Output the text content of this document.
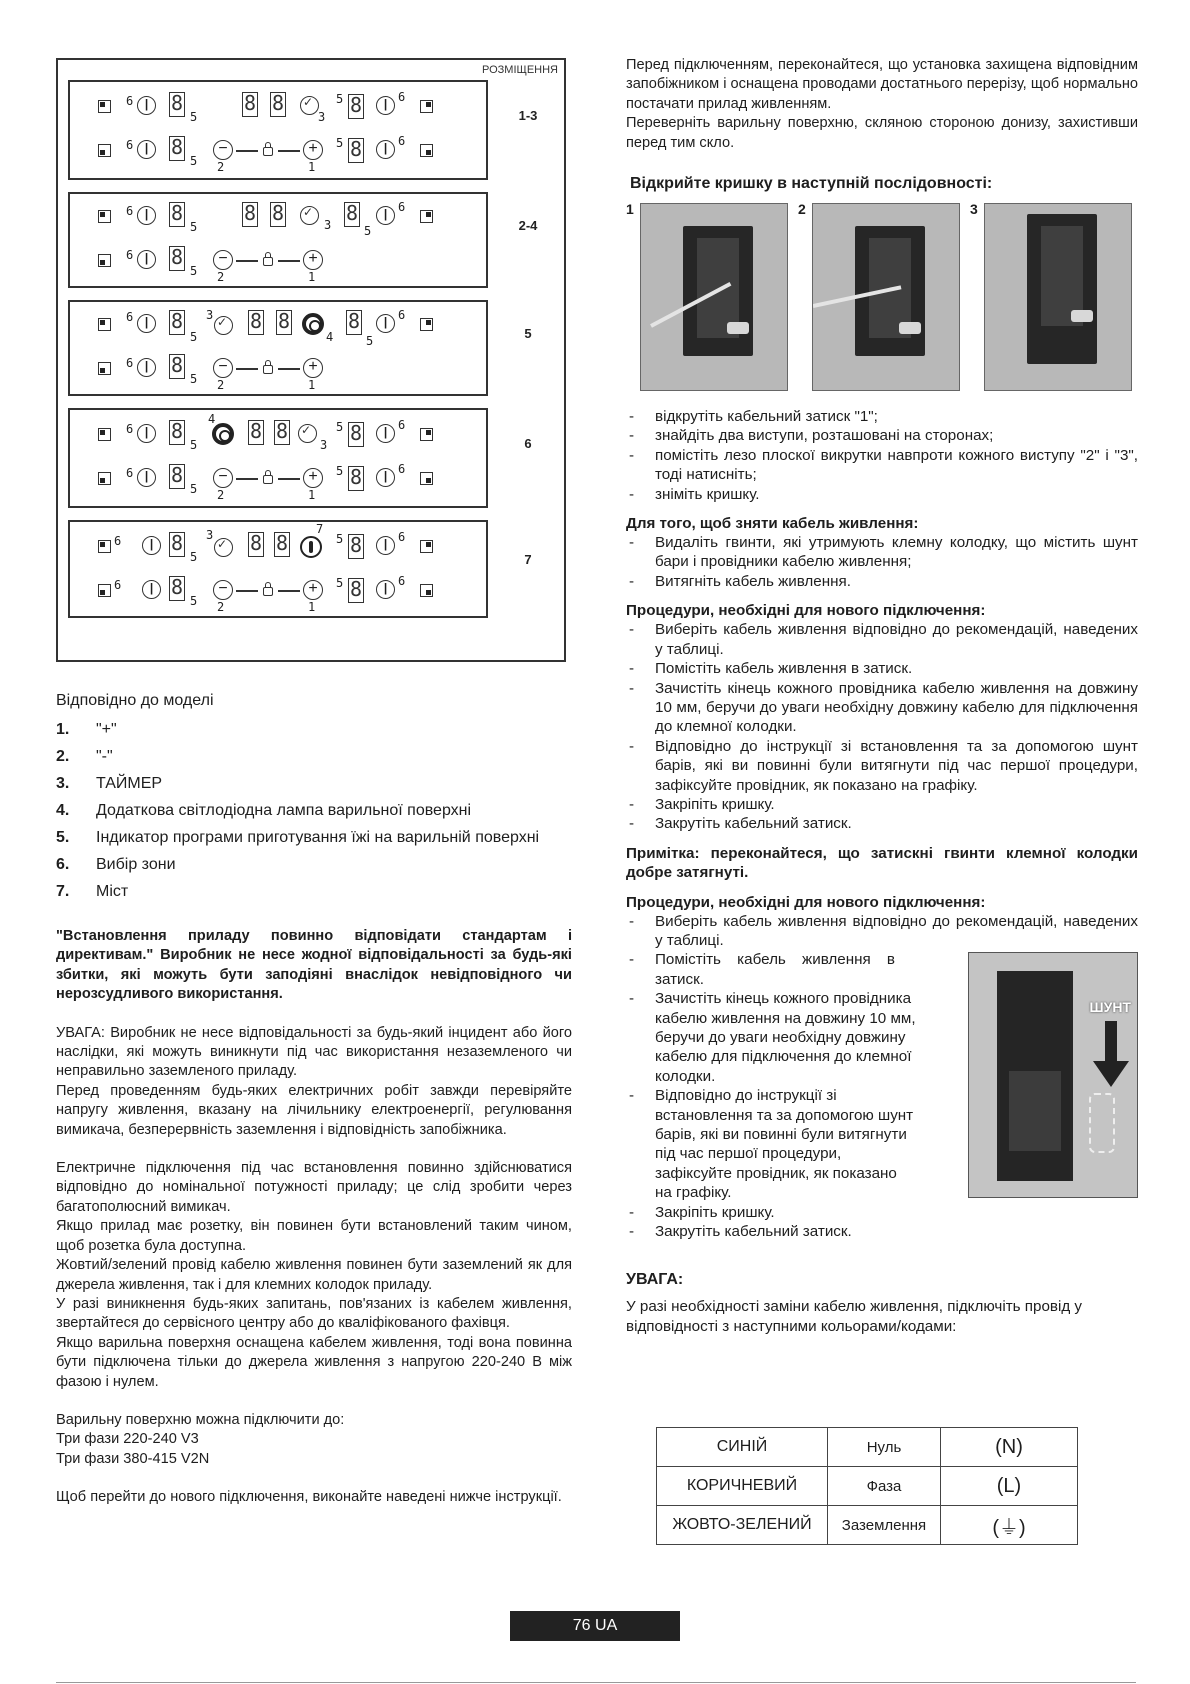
РОЗМІЩЕННЯ
6 |	8
5
8 8
✓
3
5 8	| 6
6 |	8
5
−
2
+
1
5 8	| 6
1-3
6 |	8
5
8 8 ✓	3 8
5
| 6
6 |	8
5
−
2
+
1
2-4
6 |	8
5
3 ✓ 8 8
4
8
5
| 6
6 |	8
5
−
2
+
1
5
6 |	8
5
4 8 8
✓
3
5 8	| 6
6 |	8
5
−
2
+
1
5 8	| 6
6
6	| 8
5
3 ✓ 8 8
7
5 8	| 6
6	| 8
5
−
2
+
1
5 8	| 6
7
Відповідно до моделі
1. "+"
2. "-"
3. ТАЙМЕР
4. Додаткова світлодіодна лампа варильної поверхні
5. Індикатор програми приготування їжі на варильній поверхні
6. Вибір зони
7. Міст

"Встановлення приладу повинно відповідати стандартам і директивам." Виробник не несе жодної відповідальності за будь-які збитки, які можуть бути заподіяні внаслідок невідповідного чи нерозсудливого використання.

УВАГА: Виробник не несе відповідальності за будь-який інцидент або його наслідки, які можуть виникнути під час використання незаземленого чи неправильно заземленого приладу.

Перед проведенням будь-яких електричних робіт завжди перевіряйте напругу живлення, вказану на лічильнику електроенергії, регулювання вимикача, безперервність заземлення і відповідність запобіжника.

Електричне підключення під час встановлення повинно здійснюватися відповідно до номінальної потужності приладу; це слід зробити через багатополюсний вимикач.

Якщо прилад має розетку, він повинен бути встановлений таким чином, щоб розетка була доступна.

Жовтий/зелений провід кабелю живлення повинен бути заземлений як для джерела живлення, так і для клемних колодок приладу.

У разі виникнення будь-яких запитань, пов'язаних із кабелем живлення, звертайтеся до сервісного центру або до кваліфікованого фахівця.

Якщо варильна поверхня оснащена кабелем живлення, тоді вона повинна бути підключена тільки до джерела живлення з напругою 220-240 В між фазою і нулем.

Варильну поверхню можна підключити до:

Три фази 220-240 V3

Три фази 380-415 V2N

Щоб перейти до нового підключення, виконайте наведені нижче інструкції.

Перед підключенням, переконайтеся, що установка захищена відповідним запобіжником і оснащена проводами достатнього перерізу, щоб нормально постачати прилад живленням.

Переверніть варильну поверхню, скляною стороною донизу, захистивши перед тим скло.

Відкрийте кришку в наступній послідовності:
1	2	3
- відкрутіть кабельний затиск "1";
- знайдіть два виступи, розташовані на сторонах;
- помістіть лезо плоскої викрутки навпроти кожного виступу "2" і "3", тоді натисніть;
- зніміть кришку.
Для того, щоб зняти кабель живлення:
- Видаліть гвинти, які утримують клемну колодку, що містить шунт бари і провідники кабелю живлення;
- Витягніть кабель живлення.
Процедури, необхідні для нового підключення:
- Виберіть кабель живлення відповідно до рекомендацій, наведених у таблиці.
- Помістіть кабель живлення в затиск.
- Зачистіть кінець кожного провідника кабелю живлення на довжину 10 мм, беручи до уваги необхідну довжину кабелю для підключення до клемної колодки.
- Відповідно до інструкції зі встановлення та за допомогою шунт барів, які ви повинні були витягнути під час першої процедури, зафіксуйте провідник, як показано на графіку.
- Закріпіть кришку.
- Закрутіть кабельний затиск.

Примітка: переконайтеся, що затискні гвинти клемної колодки добре затягнуті.

Процедури, необхідні для нового підключення:
ШУНТ
- Виберіть кабель живлення відповідно до рекомендацій, наведених у таблиці.
- Помістіть кабель живлення в затиск.
- Зачистіть кінець кожного провідника кабелю живлення на довжину 10 мм, беручи до уваги необхідну довжину кабелю для підключення до клемної колодки.
- Відповідно до інструкції зі встановлення та за допомогою шунт барів, які ви повинні були витягнути під час першої процедури, зафіксуйте провідник, як показано на графіку.
- Закріпіть кришку.
- Закрутіть кабельний затиск.
УВАГА:
У разі необхідності заміни кабелю живлення, підключіть провід у відповідності з наступними кольорами/кодами:
СИНІЙ	Нуль	(N)
КОРИЧНЕВИЙ	Фаза	(L)
ЖОВТО-ЗЕЛЕНИЙ	Заземлення	(⏚)
76 UA
